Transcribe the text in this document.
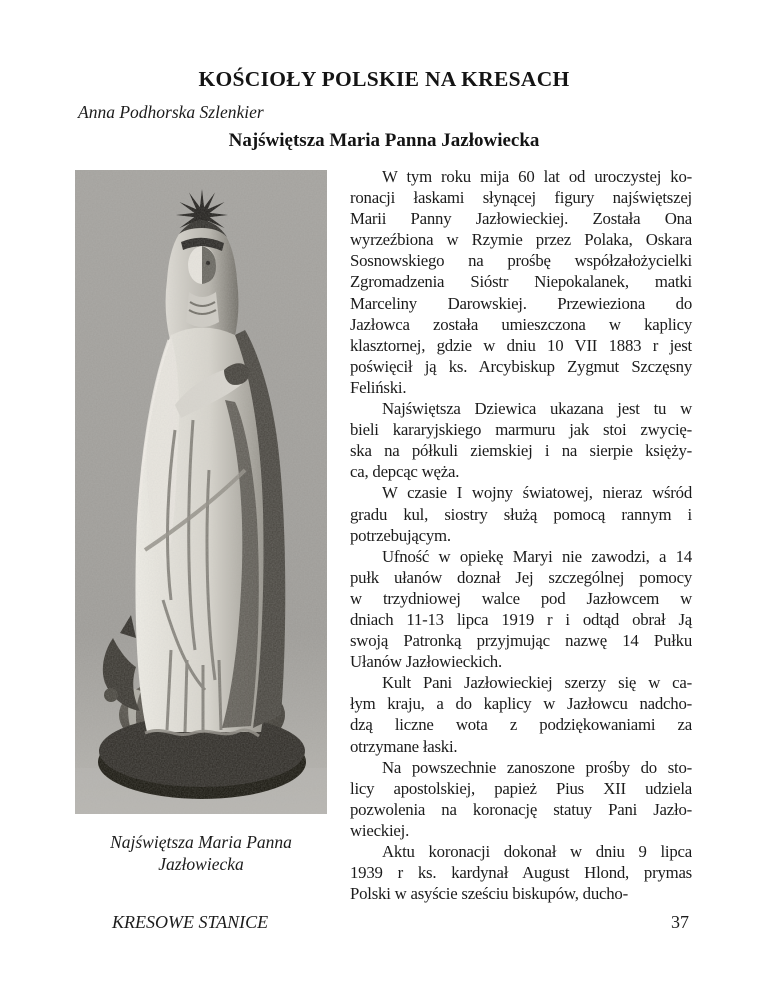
KOŚCIOŁY POLSKIE NA KRESACH
Anna Podhorska Szlenkier
Najświętsza Maria Panna Jazłowiecka
Najświętsza Maria Panna
Jazłowiecka
W tym roku mija 60 lat od uroczystej ko-
ronacji łaskami słynącej figury najświętszej
Marii Panny Jazłowieckiej. Została Ona
wyrzeźbiona w Rzymie przez Polaka, Oskara
Sosnowskiego na prośbę współzałożycielki
Zgromadzenia Sióstr Niepokalanek, matki
Marceliny Darowskiej. Przewieziona do
Jazłowca została umieszczona w kaplicy
klasztornej, gdzie w dniu 10 VII 1883 r jest
poświęcił ją ks. Arcybiskup Zygmut Szczęsny
Feliński.
Najświętsza Dziewica ukazana jest tu w
bieli kararyjskiego marmuru jak stoi zwycię-
ska na półkuli ziemskiej i na sierpie księży-
ca, depcąc węża.
W czasie I wojny światowej, nieraz wśród
gradu kul, siostry służą pomocą rannym i
potrzebującym.
Ufność w opiekę Maryi nie zawodzi, a 14
pułk ułanów doznał Jej szczególnej pomocy
w trzydniowej walce pod Jazłowcem w
dniach 11-13 lipca 1919 r i odtąd obrał Ją
swoją Patronką przyjmując nazwę 14 Pułku
Ułanów Jazłowieckich.
Kult Pani Jazłowieckiej szerzy się w ca-
łym kraju, a do kaplicy w Jazłowcu nadcho-
dzą liczne wota z podziękowaniami za
otrzymane łaski.
Na powszechnie zanoszone prośby do sto-
licy apostolskiej, papież Pius XII udziela
pozwolenia na koronację statuy Pani Jazło-
wieckiej.
Aktu koronacji dokonał w dniu 9 lipca
1939 r ks. kardynał August Hlond, prymas
Polski w asyście sześciu biskupów, ducho-
KRESOWE STANICE	37
